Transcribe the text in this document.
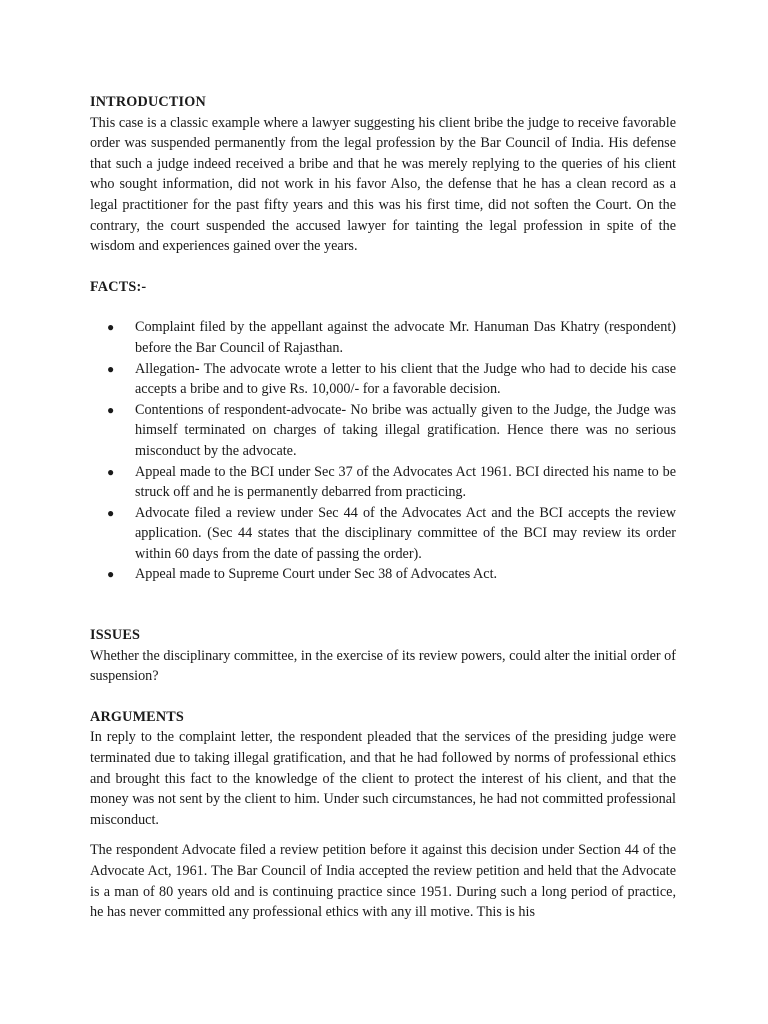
INTRODUCTION

This case is a classic example where a lawyer suggesting his client bribe the judge to receive favorable order was suspended permanently from the legal profession by the Bar Council of India. His defense that such a judge indeed received a bribe and that he was merely replying to the queries of his client who sought information, did not work in his favor Also, the defense that he has a clean record as a legal practitioner for the past fifty years and this was his first time, did not soften the Court. On the contrary, the court suspended the accused lawyer for tainting the legal profession in spite of the wisdom and experiences gained over the years.

FACTS:-

● Complaint filed by the appellant against the advocate Mr. Hanuman Das Khatry (respondent) before the Bar Council of Rajasthan.
● Allegation- The advocate wrote a letter to his client that the Judge who had to decide his case accepts a bribe and to give Rs. 10,000/- for a favorable decision.
● Contentions of respondent-advocate- No bribe was actually given to the Judge, the Judge was himself terminated on charges of taking illegal gratification. Hence there was no serious misconduct by the advocate.
● Appeal made to the BCI under Sec 37 of the Advocates Act 1961. BCI directed his name to be struck off and he is permanently debarred from practicing.
● Advocate filed a review under Sec 44 of the Advocates Act and the BCI accepts the review application. (Sec 44 states that the disciplinary committee of the BCI may review its order within 60 days from the date of passing the order).
● Appeal made to Supreme Court under Sec 38 of Advocates Act.

ISSUES

Whether the disciplinary committee, in the exercise of its review powers, could alter the initial order of suspension?

ARGUMENTS

In reply to the complaint letter, the respondent pleaded that the services of the presiding judge were terminated due to taking illegal gratification, and that he had followed by norms of professional ethics and brought this fact to the knowledge of the client to protect the interest of his client, and that the money was not sent by the client to him. Under such circumstances, he had not committed professional misconduct.

The respondent Advocate filed a review petition before it against this decision under Section 44 of the Advocate Act, 1961. The Bar Council of India accepted the review petition and held that the Advocate is a man of 80 years old and is continuing practice since 1951. During such a long period of practice, he has never committed any professional ethics with any ill motive. This is his
